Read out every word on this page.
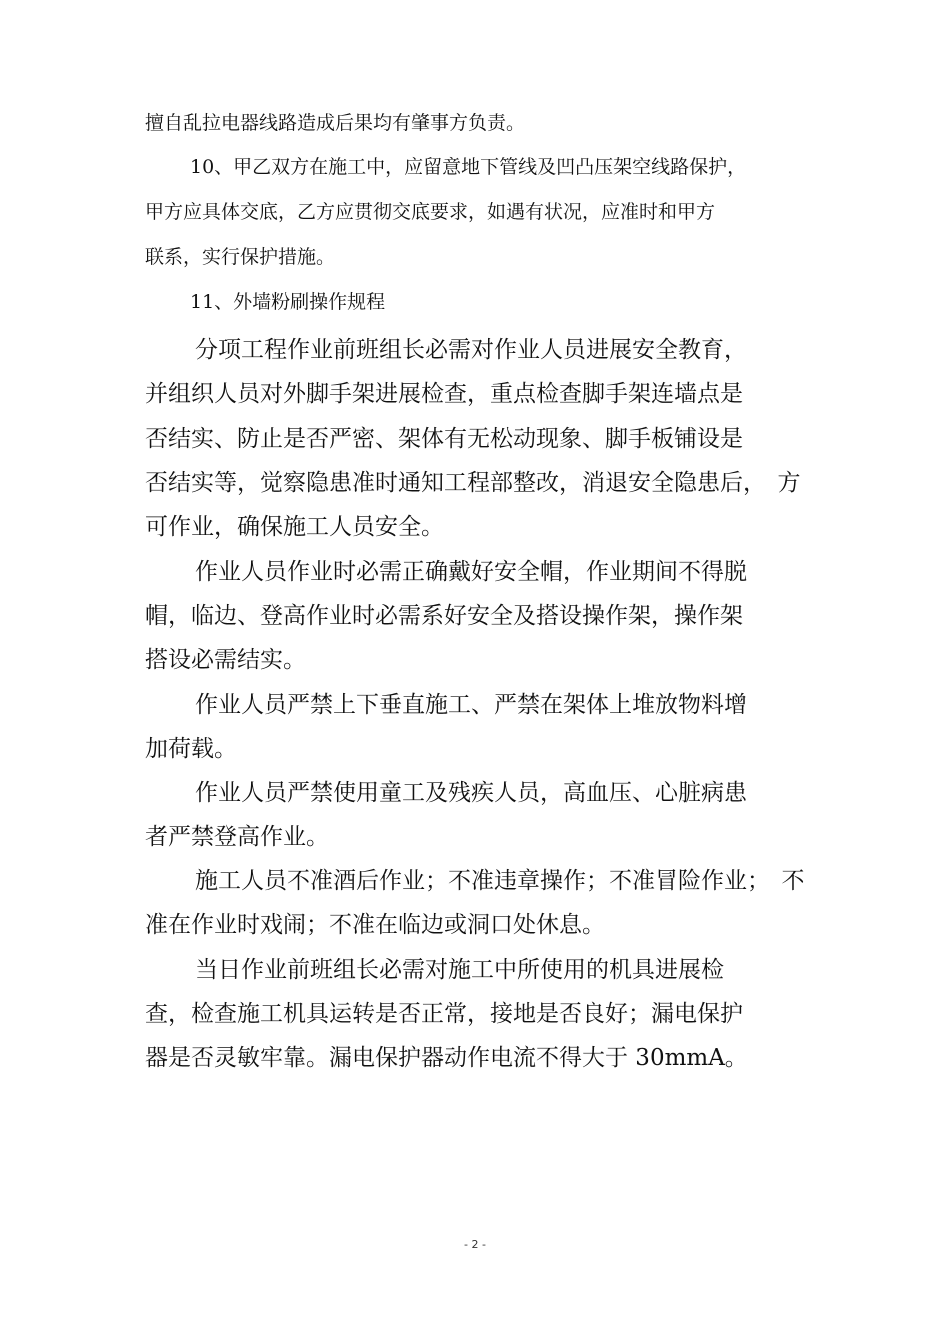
擅自乱拉电器线路造成后果均有肇事方负责。
10、甲乙双方在施工中，应留意地下管线及凹凸压架空线路保护，
甲方应具体交底，乙方应贯彻交底要求，如遇有状况，应准时和甲方
联系，实行保护措施。
11、外墙粉刷操作规程
分项工程作业前班组长必需对作业人员进展安全教育，
并组织人员对外脚手架进展检查，重点检查脚手架连墙点是
否结实、防止是否严密、架体有无松动现象、脚手板铺设是
否结实等，觉察隐患准时通知工程部整改，消退安全隐患后，　方
可作业，确保施工人员安全。
作业人员作业时必需正确戴好安全帽，作业期间不得脱
帽，临边、登高作业时必需系好安全及搭设操作架，操作架
搭设必需结实。
作业人员严禁上下垂直施工、严禁在架体上堆放物料增
加荷载。
作业人员严禁使用童工及残疾人员，高血压、心脏病患
者严禁登高作业。
施工人员不准酒后作业；不准违章操作；不准冒险作业；　不
准在作业时戏闹；不准在临边或洞口处休息。
当日作业前班组长必需对施工中所使用的机具进展检
查，检查施工机具运转是否正常，接地是否良好；漏电保护
器是否灵敏牢靠。漏电保护器动作电流不得大于 30mmA。
- 2 -
